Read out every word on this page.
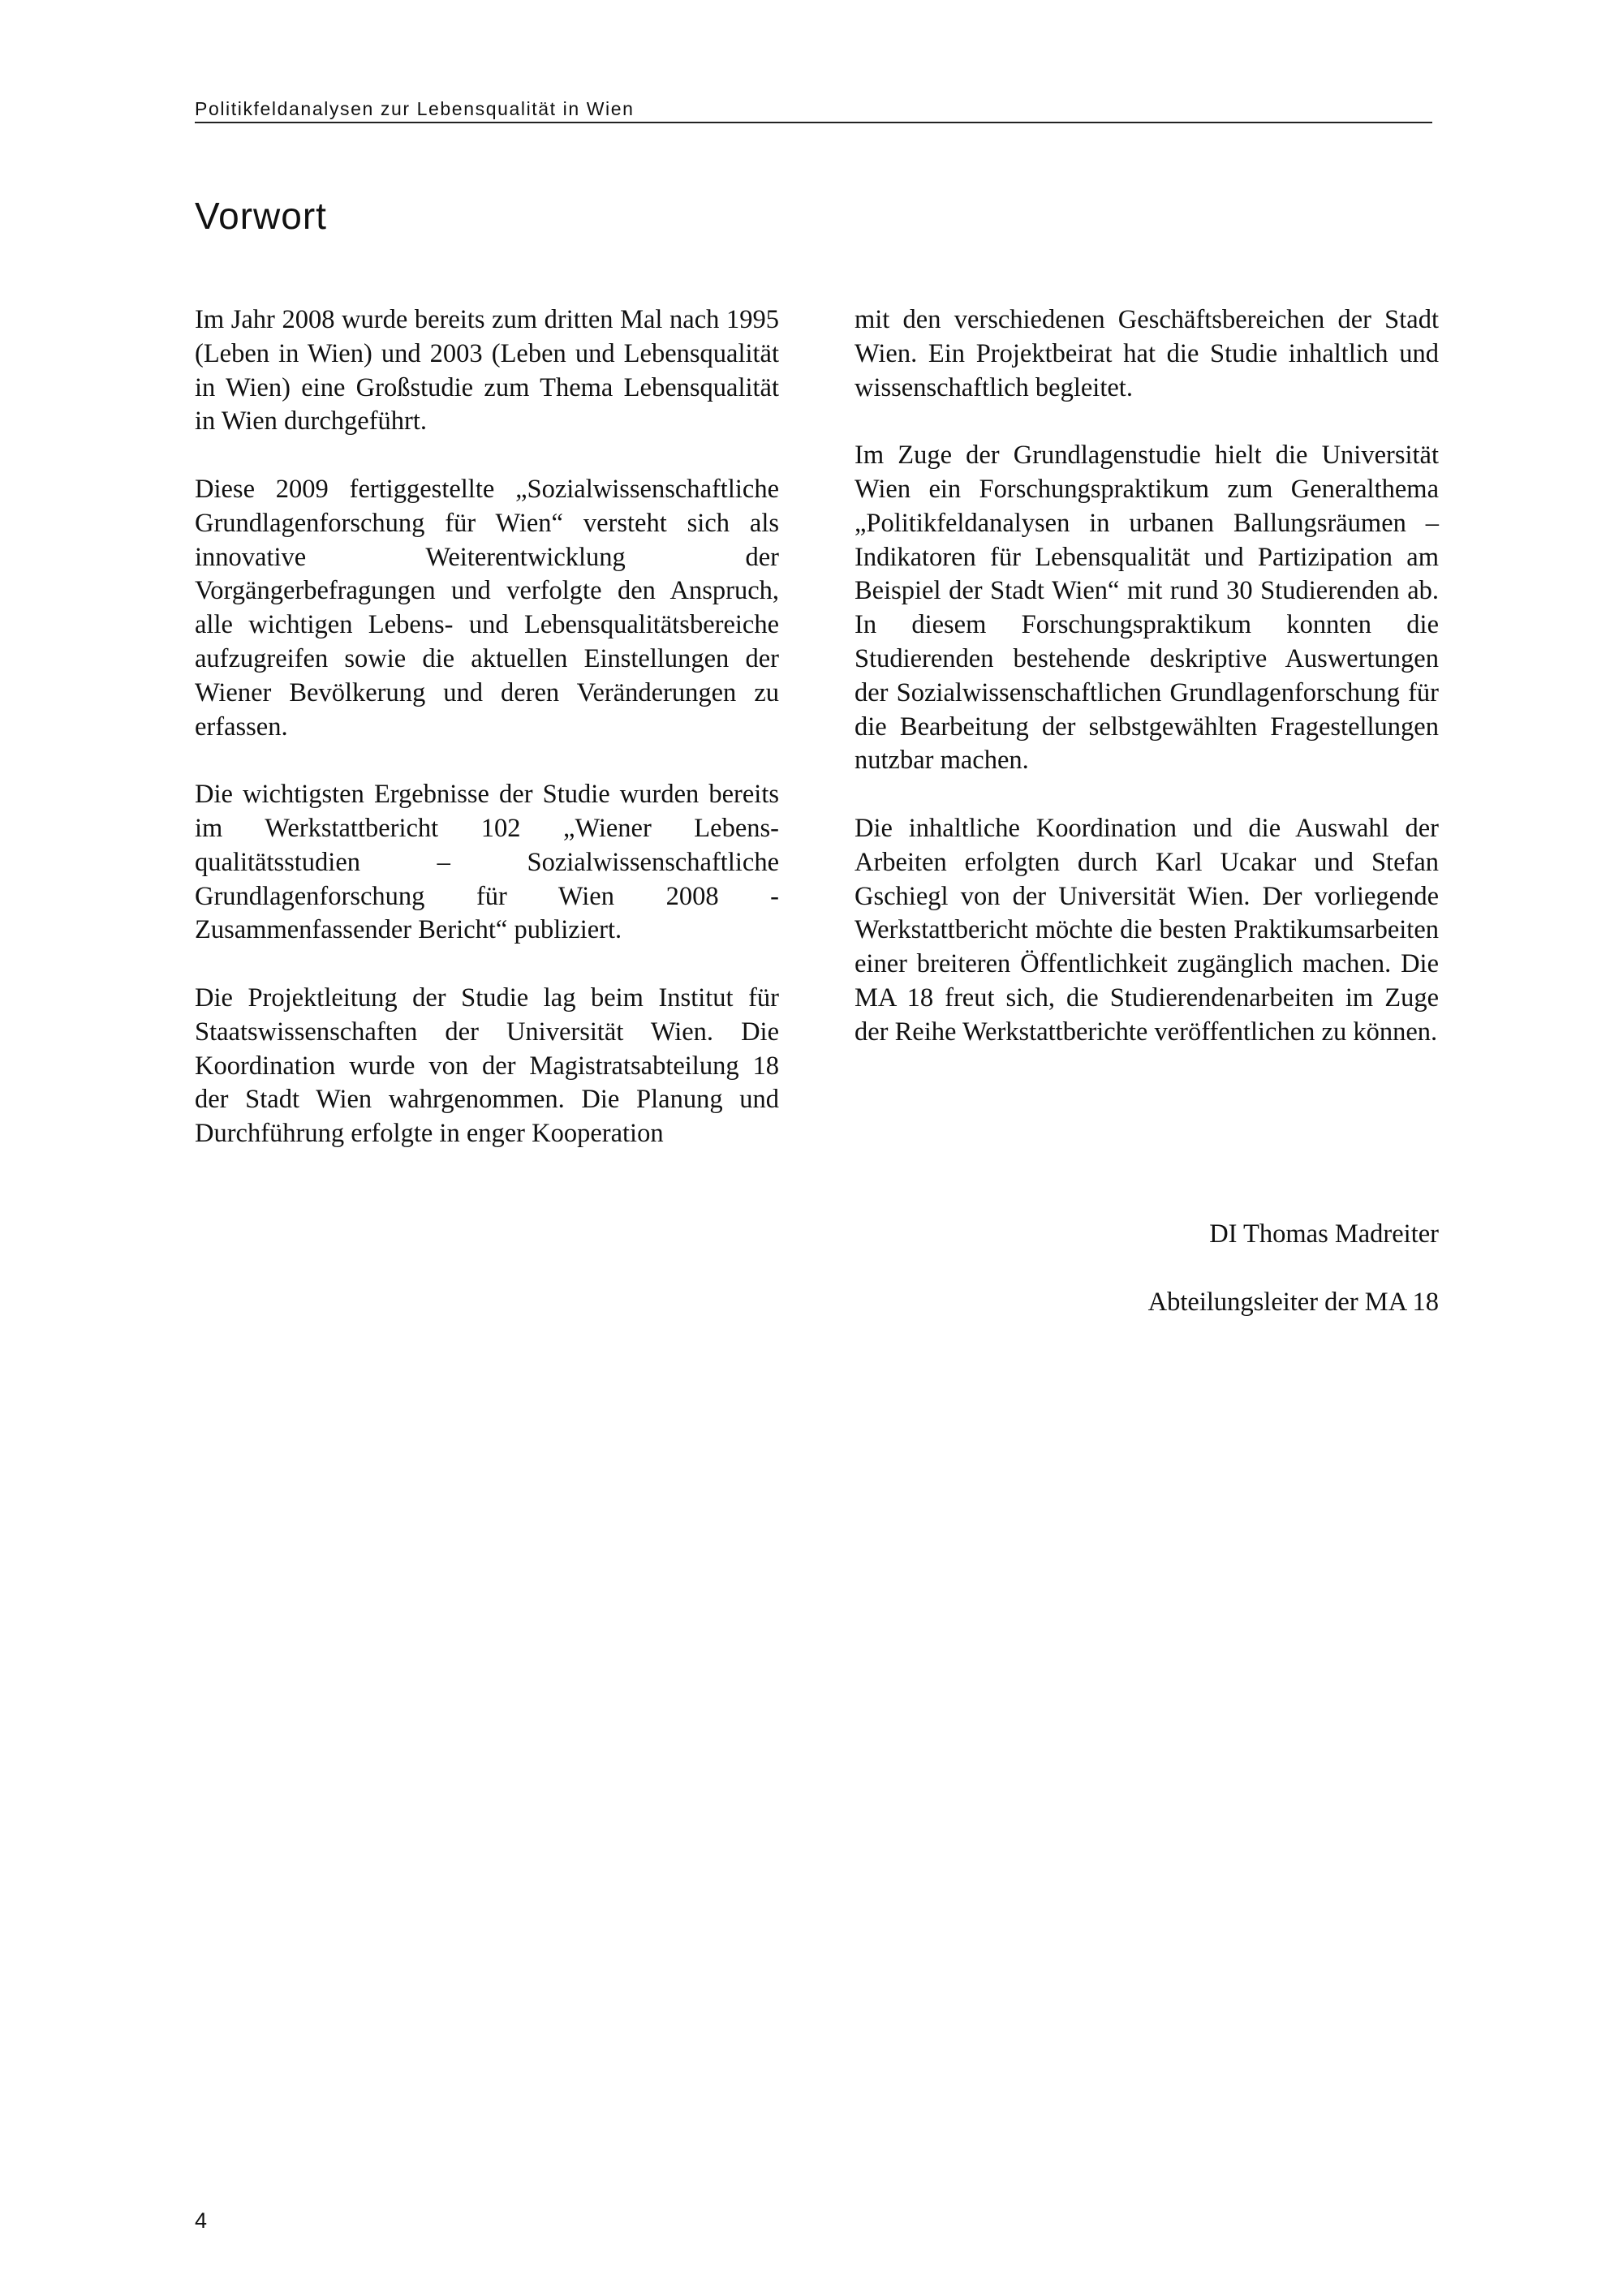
Politikfeldanalysen zur Lebensqualität in Wien
Vorwort

Im Jahr 2008 wurde bereits zum dritten Mal nach 1995 (Leben in Wien) und 2003 (Leben und Lebensqualität in Wien) eine Großstudie zum Thema Lebensqualität in Wien durchgeführt.

Diese 2009 fertiggestellte „Sozialwissenschaftliche Grundlagenforschung für Wien“ versteht sich als innovative Weiterentwicklung der Vorgängerbefragungen und verfolgte den Anspruch, alle wichtigen Lebens- und Lebensqualitätsbereiche aufzugreifen sowie die aktuellen Einstellungen der Wiener Bevölkerung und deren Veränderungen zu erfassen.

Die wichtigsten Ergebnisse der Studie wurden bereits im Werkstattbericht 102 „Wiener Lebensqualitätsstudien – Sozialwissenschaftliche Grundlagenforschung für Wien 2008 - Zusammenfassender Bericht“ publiziert.

Die Projektleitung der Studie lag beim Institut für Staatswissenschaften der Universität Wien. Die Koordination wurde von der Magistratsabteilung 18 der Stadt Wien wahrgenommen. Die Planung und Durchführung erfolgte in enger Kooperation

mit den verschiedenen Geschäftsbereichen der Stadt Wien. Ein Projektbeirat hat die Studie inhaltlich und wissenschaftlich begleitet.

Im Zuge der Grundlagenstudie hielt die Universität Wien ein Forschungspraktikum zum Generalthema „Politikfeldanalysen in urbanen Ballungsräumen – Indikatoren für Lebensqualität und Partizipation am Beispiel der Stadt Wien“ mit rund 30 Studierenden ab. In diesem Forschungspraktikum konnten die Studierenden bestehende deskriptive Auswertungen der Sozialwissenschaftlichen Grundlagenforschung für die Bearbeitung der selbstgewählten Fragestellungen nutzbar machen.

Die inhaltliche Koordination und die Auswahl der Arbeiten erfolgten durch Karl Ucakar und Stefan Gschiegl von der Universität Wien. Der vorliegende Werkstattbericht möchte die besten Praktikumsarbeiten einer breiteren Öffentlichkeit zugänglich machen. Die MA 18 freut sich, die Studierendenarbeiten im Zuge der Reihe Werkstattberichte veröffentlichen zu können.

DI Thomas Madreiter

Abteilungsleiter der MA 18

4
